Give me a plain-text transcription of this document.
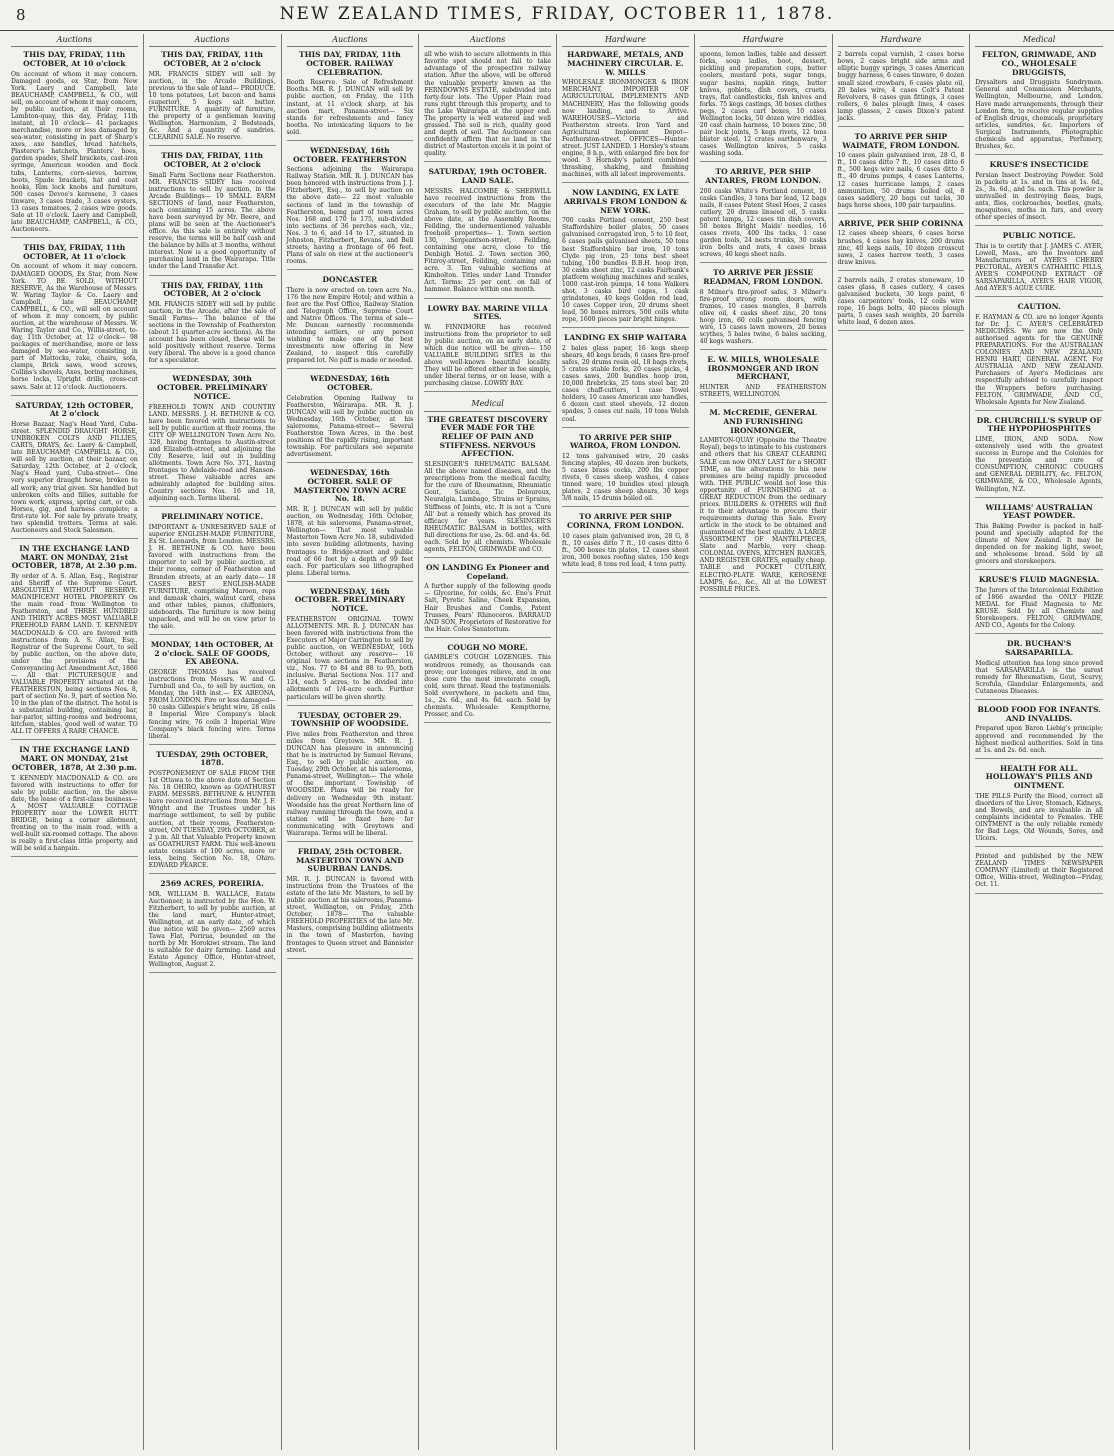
8	NEW ZEALAND TIMES, FRIDAY, OCTOBER 11, 1878.
Auctions
THIS DAY, FRIDAY, 11th OCTOBER, At 10 o'clock
On account of whom it may concern. Damaged goods, ex Star, from New York. Laery and Campbell, late BEAUCHAMP, CAMPBELL, & CO., will sell, on account of whom it may concern, by public auction, at their rooms, Lambton-quay, this day, Friday, 11th instant, at 10 o'clock— 41 packages merchandise, more or less damaged by sea-water, consisting in part of Sharp's axes, axe handles, bread hatchets, Plasterer's hatchets, Planters' hoes, garden spades, Shelf brackets, cast-iron syringe, American wooden and flock tubs, Lanterns, corn-sieves, barrow, boots, Spade brackets, hat and coat hooks, Rim lock knobs and furniture, 500 cases Devoe's kerosene, 3 cases tinware, 3 cases trade, 3 cases oysters, 13 cases tomatoes, 2 cases wire goods. Sale at 10 o'clock. Laery and Campbell, late BEAUCHAMP, CAMPBELL, & CO., Auctioneers.
THIS DAY, FRIDAY, 11th OCTOBER, At 11 o'clock
On account of whom it may concern. DAMAGED GOODS, Ex Star, from New York. TO BE SOLD, WITHOUT RESERVE, As the Warehouse of Messrs. W. Waring Taylor & Co. Laery and Campbell, late BEAUCHAMP, CAMPBELL, & CO., will sell on account of whom it may concern, by public auction, at the warehouse of Messrs. W. Waring Taylor and Co., Willis-street, to-day, 11th October, at 12 o'clock— 98 packages of merchandise, more or less damaged by sea-water, consisting in part of Mattocks, rake, chairs, sofa, clamps, Brick saws, wood screws, Collins's shovels, Axes, boring machines, horse locks, Upright drills, cross-cut saws. Sale at 12 o'clock. Auctioneers.
SATURDAY, 12th OCTOBER, At 2 o'clock
Horse Bazaar, Nag's Head Yard, Cuba-street. SPLENDID DRAUGHT HORSE, UNBROKEN COLTS AND FILLIES, CARTS, DRAYS, &c. Laery & Campbell, late BEAUCHAMP, CAMPBELL & CO., will sell by auction, at their bazaar, on Saturday, 12th October, at 2 o'clock, Nag's Head yard, Cuba-street— One very superior draught horse, broken to all work; any trial given. Six handled but unbroken colts and fillies, suitable for town work, express, spring cart, or cab. Horses, gig, and harness complete; a first-rate lot. For sale by private treaty, two splendid trotters. Terms at sale. Auctioneers and Stock Salesmen.
IN THE EXCHANGE LAND MART. ON MONDAY, 21st OCTOBER, 1878, At 2.30 p.m.
By order of A. S. Allan, Esq., Registrar and Sheriff of the Supreme Court. ABSOLUTELY WITHOUT RESERVE. MAGNIFICENT HOTEL PROPERTY On the main road from Wellington to Featherston, and THREE HUNDRED AND THIRTY ACRES MOST VALUABLE FREEHOLD FARM LAND. T. KENNEDY MACDONALD & CO. are favored with instructions from A. S. Allan, Esq., Registrar of the Supreme Court, to sell by public auction, on the above date, under the provisions of the Conveyancing Act Amendment Act, 1866— All that PICTURESQUE and VALUABLE PROPERTY situated at the FEATHERSTON, being sections Nos. 8, part of section No. 9, part of section No. 10 in the plan of the district. The hotel is a substantial building, containing bar, bar-parlor, sitting-rooms and bedrooms, kitchen, stables, good well of water. TO ALL IT OFFERS A RARE CHANCE.
IN THE EXCHANGE LAND MART. ON MONDAY, 21st OCTOBER, 1878, At 2.30 p.m.
T. KENNEDY MACDONALD & CO. are favored with instructions to offer for sale by public auction, on the above date, the lease of a first-class business— A MOST VALUABLE COTTAGE PROPERTY near the LOWER HUTT BRIDGE, being a corner allotment, fronting on to the main road, with a well-built six-roomed cottage. The above is really a first-class little property, and will be sold a bargain.
Auctions
THIS DAY, FRIDAY, 11th OCTOBER, At 2 o'clock
MR. FRANCIS SIDEY will sell by auction, in the Arcade Buildings, previous to the sale of land— PRODUCE. 10 tons potatoes, Lot bacon and hams (superior), 5 kegs salt butter. FURNITURE. A quantity of furniture, the property of a gentleman leaving Wellington. Harmonium, 2 Bedsteads, &c. And a quantity of sundries. CLEARING SALE. No reserve.
THIS DAY, FRIDAY, 11th OCTOBER, At 2 o'clock
Small Farm Sections near Featherston. MR. FRANCIS SIDEY has received instructions to sell by auction, in the Arcade Buildings— 19 SMALL FARM SECTIONS of land, near Featherston, each containing 15 acres. The above have been surveyed by Mr. Beere, and plans will be seen at the Auctioneer's office. As this sale is entirely without reserve, the terms will be half cash and the balance by bills at 3 months, without interest. Now is a good opportunity of purchasing land in the Wairarapa. Title under the Land Transfer Act.
THIS DAY, FRIDAY, 11th OCTOBER, At 2 o'clock
MR. FRANCIS SIDEY will sell by public auction, in the Arcade, after the sale of Small Farms— The balance of the sections in the Township of Featherston (about 11 quarter-acre sections). As the account has been closed, these will be sold positively without reserve. Terms very liberal. The above is a good chance for a speculator.
WEDNESDAY, 30th OCTOBER. PRELIMINARY NOTICE.
FREEHOLD TOWN AND COUNTRY LAND. MESSRS. J. H. BETHUNE & CO. have been favored with instructions to sell by public auction at their rooms, the CITY OF WELLINGTON Town Acre No. 328, having frontages to Austin-street and Elizabeth-street, and adjoining the City Reserve, laid out in building allotments. Town Acre No. 371, having frontages to Adelaide-road and Hanson-street. These valuable acres are admirably adapted for building sites. Country sections Nos. 16 and 18, adjoining each. Terms liberal.
PRELIMINARY NOTICE.
IMPORTANT & UNRESERVED SALE of superior ENGLISH-MADE FURNITURE, Ex St. Leonards, from London. MESSRS. J. H. BETHUNE & CO. have been favored with instructions from the importer to sell by public auction, at their rooms, corner of Featherston and Brandon streets, at an early date— 18 CASES BEST ENGLISH-MADE FURNITURE, comprising Maroon, reps and damask chairs, walnut card, chess and other tables, pianos, chiffoniers, sideboards. The furniture is now being unpacked, and will be on view prior to the sale.
MONDAY, 14th OCTOBER, At 2 o'clock. SALE OF GOODS, EX ABEONA.
GEORGE THOMAS has received instructions from Messrs. W. and G. Turnbull and Co., to sell by auction, on Monday, the 14th inst.— EX ABEONA, FROM LONDON. Fire or less damaged— 50 casks Gillespie's bright wire, 28 coils 8 Imperial Wire Company's black fencing wire, 76 coils 3 Imperial Wire Company's black fencing wire. Terms liberal.
TUESDAY, 29th OCTOBER, 1878.
POSTPONEMENT OF SALE FROM THE 1st Ottawa to the above date of Section No. 18 OHIRO, known as GOATHURST FARM. MESSRS. BETHUNE & HUNTER have received instructions from Mr. J. F. Wright and the Trustees under his marriage settlement, to sell by public auction, at their rooms, Featherston-street, ON TUESDAY, 29th OCTOBER, at 2 p.m. All that Valuable Property known as GOATHURST FARM. This well-known estate consists of 100 acres, more or less, being Section No. 18, Ohiro. EDWARD PEARCE.
2569 ACRES, POREIRIA.
MR. WILLIAM B. WALLACE, Estate Auctioneer, is instructed by the Hon. W. Fitzherbert, to sell by public auction, at the land mart, Hunter-street, Wellington, at an early date, of which due notice will be given— 2569 acres Tawa Flat, Porirua, bounded on the north by Mr. Horokiwi stream. The land is suitable for dairy farming. Land and Estate Agency Office, Hunter-street, Wellington, August 2.
Auctions
THIS DAY, FRIDAY, 11th OCTOBER. RAILWAY CELEBRATION.
Booth Reserve. Sale of Refreshment Booths. MR. R. J. DUNCAN will sell by public auction, on Friday, the 11th instant, at 11 o'clock sharp, at his auction mart, Panama-street— Six stands for refreshments and fancy booths. No intoxicating liquors to be sold.
WEDNESDAY, 16th OCTOBER. FEATHERSTON
Sections adjoining the Wairarapa Railway Station. MR. R. J. DUNCAN has been honored with instructions from J. J. Fitzherbert, Esq., to sell by auction on the above date— 22 most valuable sections of land in the township of Featherston, being part of town acres Nos. 168 and 170 to 175, sub-divided into sections of 36 perches each, viz., Nos. 3 to 6, and 14 to 17, situated in Johnston, Fitzherbert, Revans, and Bell streets, having a frontage of 66 feet. Plans of sale on view at the auctioneer's rooms.
DONCASTER
There is now erected on town acre No. 176 the new Empire Hotel; and within a feet are the Post Office, Railway Station and Telegraph Office, Supreme Court and Native Offices. The terms of sale— Mr. Duncan earnestly recommends intending settlers, or any person wishing to make one of the best investments now offering in New Zealand, to inspect this carefully prepared lot. No puff is made or needed.
WEDNESDAY, 16th OCTOBER.
Celebration Opening Railway to Featherston, Wairarapa. MR. R. J. DUNCAN will sell by public auction on Wednesday, 16th October, at his salerooms, Panama-street— Several Featherston Town Acres, in the best positions of the rapidly rising, important township. For particulars see separate advertisement.
WEDNESDAY, 16th OCTOBER. SALE OF MASTERTON TOWN ACRE No. 18.
MR. R. J. DUNCAN will sell by public auction, on Wednesday, 16th October, 1878, at his salerooms, Panama-street, Wellington— That most valuable Masterton Town Acre No. 18, subdivided into seven building allotments, having frontages to Bridge-street and public road of 66 feet by a depth of 99 feet each. For particulars see lithographed plans. Liberal terms.
WEDNESDAY, 16th OCTOBER. PRELIMINARY NOTICE.
FEATHERSTON ORIGINAL TOWN ALLOTMENTS. MR. R. J. DUNCAN has been favored with instructions from the Executors of Major Carrington to sell by public auction, on WEDNESDAY, 16th October, without any reserve— 16 original town sections in Featherston, viz., Nos. 77 to 84 and 88 to 95, both inclusive. Burial Sections Nos. 117 and 124, each 5 acres, to be divided into allotments of 1/4-acre each. Further particulars will be given shortly.
TUESDAY, OCTOBER 29. TOWNSHIP OF WOODSIDE.
Five miles from Featherston and three miles from Greytown. MR. R. J. DUNCAN has pleasure in announcing that he is instructed by Samuel Revans, Esq., to sell by public auction, on Tuesday, 29th October, at his salerooms, Panama-street, Wellington— The whole of the important Township of WOODSIDE. Plans will be ready for delivery on Wednesday 9th instant. Woodside has the great Northern line of railway running through the town, and a station will be fixed here for communicating with Greytown and Wairarapa. Terms will be liberal.
FRIDAY, 25th OCTOBER. MASTERTON TOWN AND SUBURBAN LANDS.
MR. R. J. DUNCAN is favored with instructions from the Trustees of the estate of the late Mr. Masters, to sell by public auction at his salerooms, Panama-street, Wellington, on Friday, 25th October, 1878— The valuable FREEHOLD PROPERTIES of the late Mr. Masters, comprising building allotments in the town of Masterton, having frontages to Queen street and Bannister street.
Auctions
all who wish to secure allotments in this favorite spot should not fail to take advantage of the prospective railway station. After the above, will be offered the valuable property known as the FERNDOWNS ESTATE, subdivided into forty-four lots. The Upper Plain road runs right through this property, and to the Lake Wairarapa at the upper end. The property is well watered and well grassed. The soil is rich, quality good and depth of soil. The Auctioneer can confidently affirm that no land in the district of Masterton excels it in point of quality.
SATURDAY, 19th OCTOBER. LAND SALE.
MESSRS. HALCOMBE & SHERWILL have received instructions from the executors of the late Mr. Maggie Graham, to sell by public auction, on the above date, at the Assembly Rooms, Feilding, the undermentioned valuable freehold properties— 1. Town section 130, Sergeantson-street, Feilding, containing one acre, close to the Denbigh Hotel. 2. Town section 360, Fitzroy-street, Feilding, containing one acre. 3. Ten valuable sections at Kimbolton. Titles under Land Transfer Act. Terms: 25 per cent. on fall of hammer. Balance within one month.
LOWRY BAY. MARINE VILLA SITES.
W. FINNIMORE has received instructions from the proprietor to sell by public auction, on an early date, of which due notice will be given— 150 VALUABLE BUILDING SITES in the above well-known beautiful locality. They will be offered either in fee simple, under liberal terms, or on lease, with a purchasing clause. LOWRY BAY.
Medical
THE GREATEST DISCOVERY EVER MADE FOR THE RELIEF OF PAIN AND STIFFNESS. NERVOUS AFFECTION.
SLESINGER'S RHEUMATIC BALSAM. All the above named diseases, and the prescriptions from the medical faculty, for the cure of Rheumatism, Rheumatic Gout, Sciatica, Tic Doloureux, Neuralgia, Lumbago, Strains or Sprains, Stiffness of Joints, etc. It is not a 'Cure All' but a remedy which has proved its efficacy for years. SLESINGER'S RHEUMATIC BALSAM in bottles, with full directions for use, 2s. 6d. and 4s. 6d. each. Sold by all chemists. Wholesale agents, FELTON, GRIMWADE and CO.
ON LANDING Ex Pioneer and Copeland.
A further supply of the following goods— Glycerine, for colds, &c. Eno's Fruit Salt, Pyretic Saline, Cheek Expansion, Hair Brushes and Combs, Patent Trusses, Pears' Rhinoceros. BARRAUD AND SON, Proprietors of Restorative for the Hair. Coles Sanatorium.
COUGH NO MORE.
GAMBLE'S COUGH LOZENGES. This wondrous remedy, as thousands can prove; our lozenges relieve, and in one dose cure the most inveterate cough, cold, sore throat. Read the testimonials. Sold everywhere, in packets and tins, 1s., 2s. 6d., and 4s. 6d. each. Sold by chemists. Wholesale: Kempthorne, Prosser, and Co.
Hardware
HARDWARE, METALS, AND MACHINERY CIRCULAR. E. W. MILLS
WHOLESALE IRONMONGER & IRON MERCHANT, IMPORTER OF AGRICULTURAL IMPLEMENTS AND MACHINERY, Has the following goods now landing, and to Arrive. WAREHOUSES—Victoria and Featherston streets. Iron Yard and Agricultural Implement Depot—Featherston-street. OFFICES—Hunter-street. JUST LANDED. 1 Horsley's steam engine, 8 h.p., with enlarged fire box for wood. 3 Hornsby's patent combined thrashing, shaking, and finishing machines, with all latest improvements.
NOW LANDING, EX LATE ARRIVALS FROM LONDON & NEW YORK.
700 casks Portland cement, 250 best Staffordshire boiler plates, 50 cases galvanised corrugated iron, 5 to 10 feet, 6 cases pails galvanised sheets, 50 tons best Staffordshire bar iron, 10 tons Clyde pig iron, 25 tons best sheet tubing, 100 bundles B.B.H. hoop iron, 30 casks sheet zinc, 12 casks Fairbank's platform weighing machines and scales, 1000 cast-iron pumps, 14 tons Walkers shot, 3 casks bird cages, 1 cask grindstones, 40 kegs Golden rod lead, 10 cases Copper iron, 20 drums sheet lead, 50 boxes mirrors, 500 coils white rope, 1600 pieces pair bright hinges.
LANDING EX SHIP WAITARA
2 bales glass paper, 16 kegs sheep shears, 40 kegs brads, 6 cases fire-proof safes, 20 drums resin oil, 18 bags rivets, 5 crates stable forks, 20 cases picks, 4 cases saws, 200 bundles hoop iron, 10,000 firebricks, 25 tons steel bar, 20 cases chaff-cutters, 1 case Towel holders, 10 cases American axe handles, 6 dozen cast steel shovels, 12 dozen spades, 5 cases cut nails, 10 tons Welsh coal.
TO ARRIVE PER SHIP WAIROA, FROM LONDON.
12 tons galvanised wire, 20 casks fencing staples, 40 dozen iron buckets, 5 cases brass cocks, 200 lbs copper rivets, 6 cases sheep washes, 4 cases tinned ware, 10 bundles steel plough plates, 2 cases sheep shears, 30 kegs 3/8 nails, 15 drums boiled oil.
TO ARRIVE PER SHIP CORINNA, FROM LONDON.
10 cases plain galvanised iron, 28 G, 8 ft., 10 cases ditto 7 ft., 10 cases ditto 6 ft., 500 boxes tin plates, 12 cases sheet iron, 300 boxes roofing slates, 150 kegs white lead, 8 tons red lead, 4 tons putty.
Hardware
spoons, lemon ladles, table and dessert forks, soup ladles, boot, dessert, pickling and preparation cups, butter coolers, mustard pots, sugar tongs, sugar basins, napkin rings, butter knives, goblets, dish covers, cruets, trays, flat candlesticks, fish knives and forks. 75 kegs castings, 30 boxes clothes pegs, 2 cases cart boxes, 10 cases Wellington locks, 50 dozen wire riddles, 20 cast chain harness, 10 boxes zinc, 50 pair lock joints, 5 kegs rivets, 12 tons blister steel, 12 crates earthenware, 3 cases Wellington knives, 5 casks washing soda.
TO ARRIVE, PER SHIP ANTARES, FROM LONDON.
200 casks White's Portland cement, 10 casks Candles, 3 tons bar lead, 12 bags nails, 8 cases Patent Steel Hoes, 2 cases cutlery, 20 drums linseed oil, 5 casks patent lamps, 12 cases tin dish covers, 50 boxes Bright Maids' needles, 16 cases rivets, 400 lbs tacks, 1 case garden tools, 24 nests trunks, 30 casks iron bolts and nuts, 4 cases brass screws, 40 kegs sheet nails.
TO ARRIVE PER JESSIE READMAN, FROM LONDON.
8 Milner's fire-proof safes, 3 Milner's fire-proof strong room doors, with frames, 10 cases mangles, 8 barrels olive oil, 4 casks sheet zinc, 20 tons hoop iron, 60 coils galvanised fencing wire, 15 cases lawn mowers, 20 boxes scythes, 5 bales twine, 6 bales sacking, 40 kegs washers.
E. W. MILLS, WHOLESALE IRONMONGER AND IRON MERCHANT,
HUNTER AND FEATHERSTON STREETS, WELLINGTON.
M. McCREDIE, GENERAL AND FURNISHING IRONMONGER,
LAMBTON-QUAY (Opposite the Theatre Royal), begs to intimate to his customers and others that his GREAT CLEARING SALE can now ONLY LAST for a SHORT TIME, as the alterations to his new premises are being rapidly proceeded with. THE PUBLIC would not lose this opportunity of FURNISHING at a GREAT REDUCTION from the ordinary prices. BUILDERS & OTHERS will find it to their advantage to procure their requirements during this Sale. Every article in the stock to be obtained and guaranteed of the best quality. A LARGE ASSORTMENT OF MANTELPIECES, Slate and Marble, very cheap. COLONIAL OVENS, KITCHEN RANGES, AND REGISTER GRATES, equally cheap. TABLE and POCKET CUTLERY, ELECTRO-PLATE WARE, KEROSENE LAMPS, &c., &c., All at the LOWEST POSSIBLE PRICES.
Hardware
2 barrels copal varnish, 2 cases horse bows, 2 cases bright side arms and elliptic buggy springs, 3 cases American buggy harness, 6 cases tinware, 6 dozen small sized crowbars, 6 cases plate oil, 20 bales wire, 4 cases Colt's Patent Revolvers, 8 cases gun fittings, 3 cases rollers, 6 bales plough lines, 4 cases lamp glasses, 2 cases Dixon's patent jacks.
TO ARRIVE PER SHIP WAIMATE, FROM LONDON.
10 cases plain galvanised iron, 28 G, 8 ft., 10 cases ditto 7 ft., 10 cases ditto 6 ft., 500 kegs wire nails, 6 cases ditto 5 ft., 40 drums pumps, 4 cases Lanterns, 12 cases hurricane lamps, 2 cases ammunition, 50 drums boiled oil, 8 cases saddlery, 20 bags cut tacks, 30 bags horse shoes, 100 pair tarpaulins.
ARRIVE, PER SHIP CORINNA
12 cases sheep shears, 6 cases horse brushes, 4 cases hay knives, 200 drums zinc, 40 kegs nails, 10 dozen crosscut saws, 2 cases harrow teeth, 3 cases draw knives.
2 barrels nails, 2 crates stoneware, 10 cases glass, 8 cases cutlery, 4 cases galvanised buckets, 30 kegs paint, 6 cases carpenters' tools, 12 coils wire rope, 16 bags bolts, 40 pieces plough parts, 5 cases sash weights, 20 barrels white lead, 6 dozen axes.
Medical
FELTON, GRIMWADE, AND CO., WHOLESALE DRUGGISTS,
Drysalters and Druggists Sundrymen. General and Commission Merchants, Wellington, Melbourne, and London. Have made arrangements, through their London firm, to receive regular supplies of English drugs, chemicals, proprietary articles, sundries, &c. Importers of Surgical Instruments, Photographic chemicals and apparatus, Perfumery, Brushes, &c.
KRUSE'S INSECTICIDE
Persian Insect Destroying Powder. Sold in packets at 1s. and in tins at 1s. 6d., 2s., 3s. 6d., and 5s. each. This powder is unrivalled in destroying fleas, bugs, ants, flies, cockroaches, beetles, gnats, mosquitoes, moths in furs, and every other species of insect.
PUBLIC NOTICE.
This is to certify that J. JAMES C. AYER, Lowell, Mass., are the Inventors and Manufacturers of AYER'S CHERRY PECTORAL, AYER'S CATHARTIC PILLS, AYER'S COMPOUND EXTRACT OF SARSAPARILLA, AYER'S HAIR VIGOR, And AYER'S AGUE CURE.
CAUTION.
F. HAYMAN & CO. are no longer Agents for Dr. J. C. AYER'S CELEBRATED MEDICINES. We are now the Only authorised agents for the GENUINE PREPARATIONS. For the AUSTRALIAN COLONIES AND NEW ZEALAND. HENRI HART, GENERAL AGENT. For AUSTRALIA AND NEW ZEALAND. Purchasers of Ayer's Medicines are respectfully advised to carefully inspect the Wrappers before purchasing. FELTON, GRIMWADE, AND CO., Wholesale Agents for New Zealand.
DR. CHURCHILL'S SYRUP OF THE HYPOPHOSPHITES
LIME, IRON, AND SODA. Now extensively used with the greatest success in Europe and the Colonies for the prevention and cure of CONSUMPTION, CHRONIC COUGHS and GENERAL DEBILITY, &c. FELTON, GRIMWADE, & CO., Wholesale Agents, Wellington, N.Z.
WILLIAMS' AUSTRALIAN YEAST POWDER.
This Baking Powder is packed in half-pound and specially adapted for the climate of New Zealand. It may be depended on for making light, sweet, and wholesome bread. Sold by all grocers and storekeepers.
KRUSE'S FLUID MAGNESIA.
The Jurors of the Intercolonial Exhibition of 1866 awarded the ONLY PRIZE MEDAL for Fluid Magnesia to Mr. KRUSE. Sold by all Chemists and Storekeepers. FELTON, GRIMWADE, AND CO., Agents for the Colony.
DR. BUCHAN'S SARSAPARILLA.
Medical attention has long since proved that SARSAPARILLA is the surest remedy for Rheumatism, Gout, Scurvy, Scrofula, Glandular Enlargements, and Cutaneous Diseases.
BLOOD FOOD FOR INFANTS. AND INVALIDS.
Prepared upon Baron Liebig's principle; approved and recommended by the highest medical authorities. Sold in tins at 1s. and 2s. 6d. each.
HEALTH FOR ALL. HOLLOWAY'S PILLS AND OINTMENT.
THE PILLS Purify the Blood, correct all disorders of the Liver, Stomach, Kidneys, and Bowels, and are invaluable in all complaints incidental to Females. THE OINTMENT is the only reliable remedy for Bad Legs, Old Wounds, Sores, and Ulcers.
Printed and published by the NEW ZEALAND TIMES NEWSPAPER COMPANY (Limited) at their Registered Office, Willis-street, Wellington—Friday, Oct. 11.
